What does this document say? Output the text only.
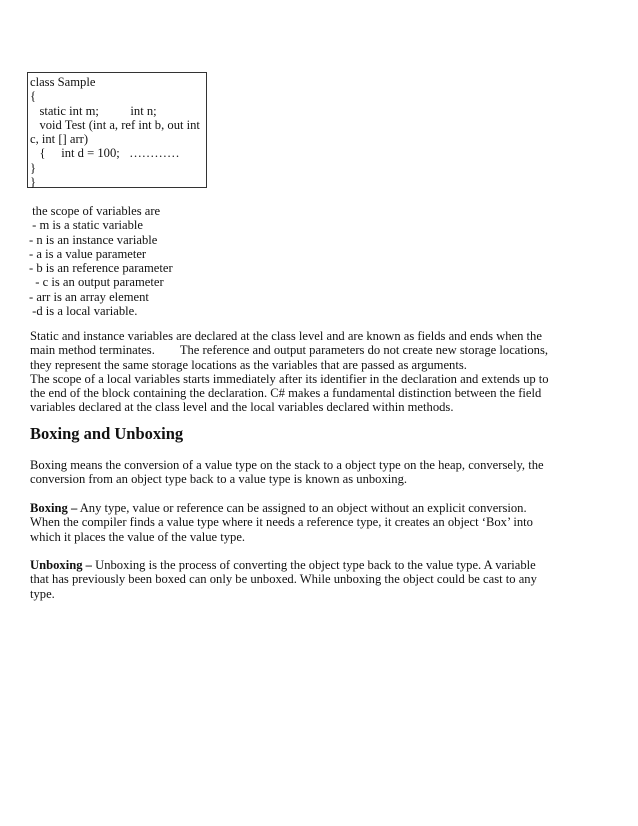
class Sample
{
static int m;          int n;
void Test (int a, ref int b, out int
c, int [] arr)
{     int d = 100;   …………
}
}
the scope of variables are
- m is a static variable
- n is an instance variable
- a is a value parameter
- b is an reference parameter
- c is an output parameter
- arr is an array element
-d is a local variable.
Static and instance variables are declared at the class level and are known as fields and ends when the
main method terminates.        The reference and output parameters do not create new storage locations,
they represent the same storage locations as the variables that are passed as arguments.
The scope of a local variables starts immediately after its identifier in the declaration and extends up to
the end of the block containing the declaration. C# makes a fundamental distinction between the field
variables declared at the class level and the local variables declared within methods.
Boxing and Unboxing
Boxing means the conversion of a value type on the stack to a object type on the heap, conversely, the
conversion from an object type back to a value type is known as unboxing.
Boxing – Any type, value or reference can be assigned to an object without an explicit conversion.
When the compiler finds a value type where it needs a reference type, it creates an object ‘Box’ into
which it places the value of the value type.
Unboxing – Unboxing is the process of converting the object type back to the value type. A variable
that has previously been boxed can only be unboxed. While unboxing the object could be cast to any
type.
